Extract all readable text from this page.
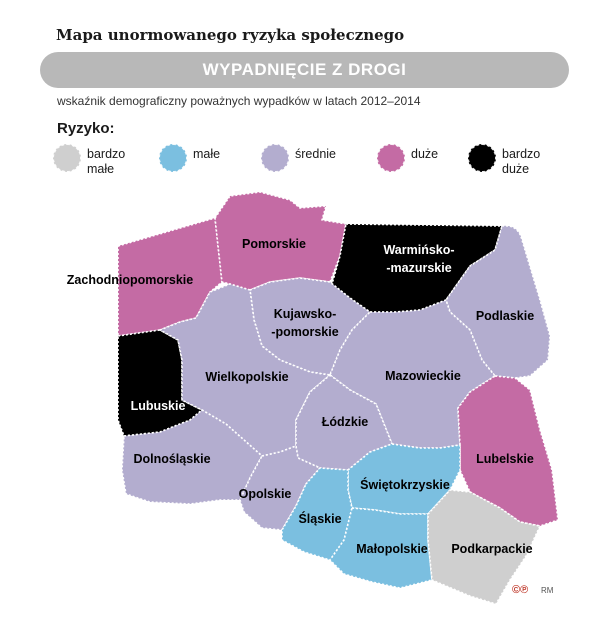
Mapa unormowanego ryzyka społecznego
WYPADNIĘCIE Z DROGI
wskaźnik demograficzny poważnych wypadków w latach 2012–2014
Ryzyko:
bardzo małe
małe	średnie	duże	bardzo duże
Zachodniopomorskie
Pomorskie	Warmińsko-
-mazurskie
Podlaskie
Kujawsko-
-pomorskie
Lubuskie
Wielkopolskie	Mazowieckie
Łódzkie
Lubelskie
Dolnośląskie
Opolskie
Świętokrzyskie
Śląskie
Małopolskie Podkarpackie
©℗ RM
